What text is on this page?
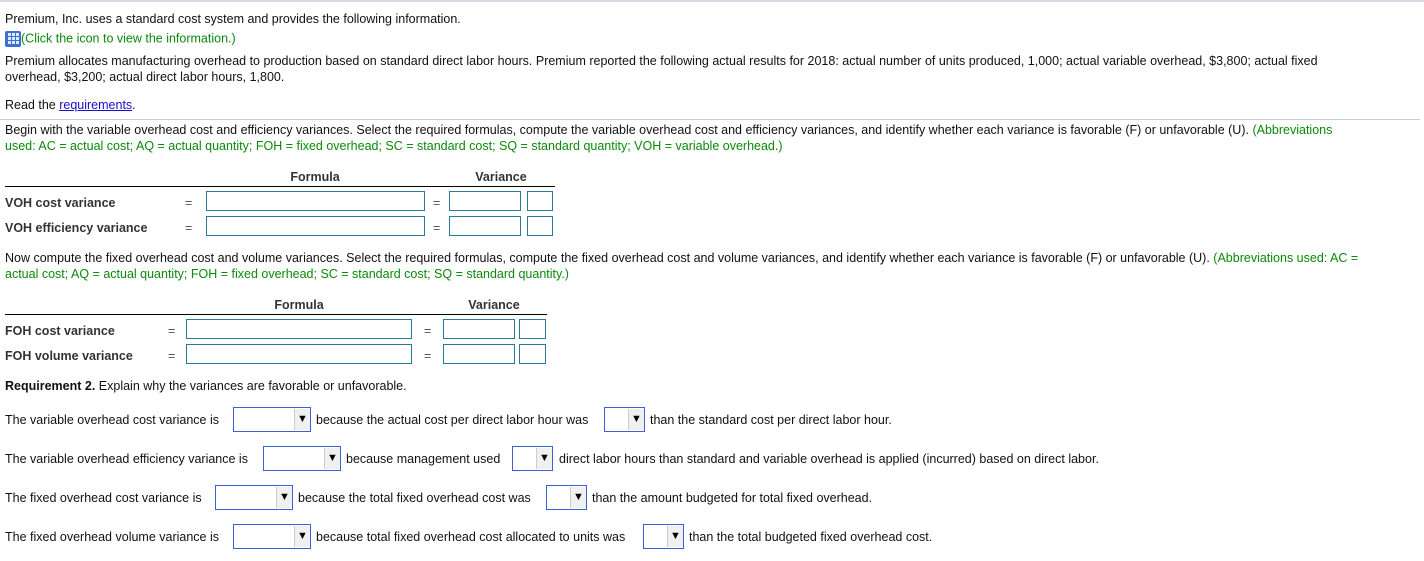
Premium, Inc. uses a standard cost system and provides the following information.
(Click the icon to view the information.)
Premium allocates manufacturing overhead to production based on standard direct labor hours. Premium reported the following actual results for 2018: actual number of units produced, 1,000; actual variable overhead, $3,800; actual fixed
overhead, $3,200; actual direct labor hours, 1,800.
Read the requirements.
Begin with the variable overhead cost and efficiency variances. Select the required formulas, compute the variable overhead cost and efficiency variances, and identify whether each variance is favorable (F) or unfavorable (U). (Abbreviations
used: AC = actual cost; AQ = actual quantity; FOH = fixed overhead; SC = standard cost; SQ = standard quantity; VOH = variable overhead.)
Formula	Variance
VOH cost variance	=	=
VOH efficiency variance	=	=
Now compute the fixed overhead cost and volume variances. Select the required formulas, compute the fixed overhead cost and volume variances, and identify whether each variance is favorable (F) or unfavorable (U). (Abbreviations used: AC =
actual cost; AQ = actual quantity; FOH = fixed overhead; SC = standard cost; SQ = standard quantity.)
Formula	Variance
FOH cost variance	=	=
FOH volume variance	=	=
Requirement 2. Explain why the variances are favorable or unfavorable.
The variable overhead cost variance is	▼ because the actual cost per direct labor hour was	▼ than the standard cost per direct labor hour.
The variable overhead efficiency variance is	▼ because management used	▼ direct labor hours than standard and variable overhead is applied (incurred) based on direct labor.
The fixed overhead cost variance is	▼ because the total fixed overhead cost was	▼ than the amount budgeted for total fixed overhead.
The fixed overhead volume variance is	▼ because total fixed overhead cost allocated to units was	▼ than the total budgeted fixed overhead cost.
